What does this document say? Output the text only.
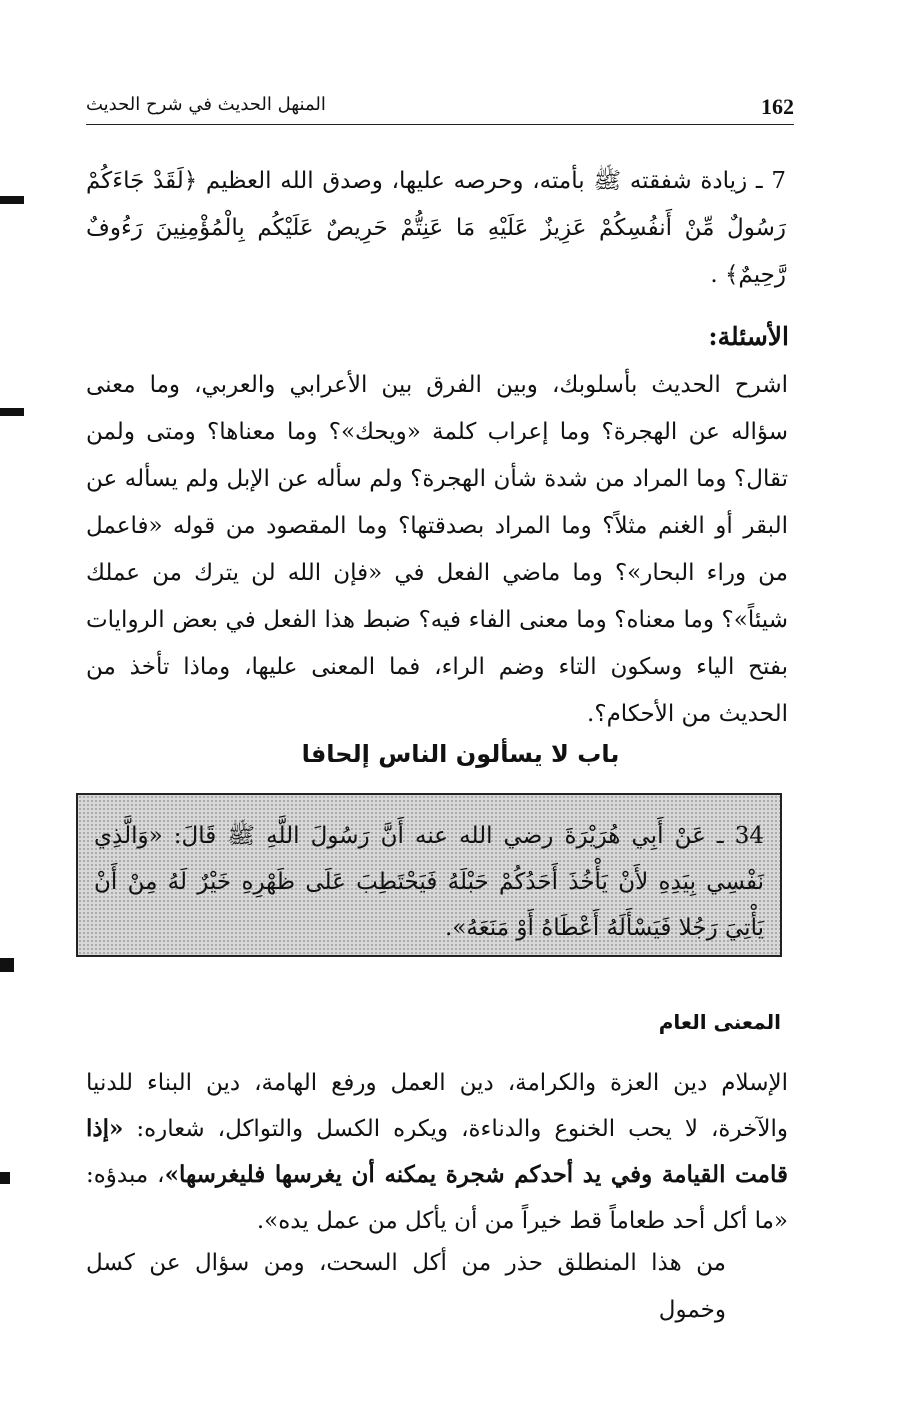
162
المنهل الحديث في شرح الحديث
7 ـ زيادة شفقته ﷺ بأمته، وحرصه عليها، وصدق الله العظيم ﴿لَقَدْ جَاءَكُمْ رَسُولٌ مِّنْ أَنفُسِكُمْ عَزِيزٌ عَلَيْهِ مَا عَنِتُّمْ حَرِيصٌ عَلَيْكُم بِالْمُؤْمِنِينَ رَءُوفٌ رَّحِيمٌ﴾ .
الأسئلة:
اشرح الحديث بأسلوبك، وبين الفرق بين الأعرابي والعربي، وما معنى سؤاله عن الهجرة؟ وما إعراب كلمة «ويحك»؟ وما معناها؟ ومتى ولمن تقال؟ وما المراد من شدة شأن الهجرة؟ ولم سأله عن الإبل ولم يسأله عن البقر أو الغنم مثلاً؟ وما المراد بصدقتها؟ وما المقصود من قوله «فاعمل من وراء البحار»؟ وما ماضي الفعل في «فإن الله لن يترك من عملك شيئاً»؟ وما معناه؟ وما معنى الفاء فيه؟ ضبط هذا الفعل في بعض الروايات بفتح الياء وسكون التاء وضم الراء، فما المعنى عليها، وماذا تأخذ من الحديث من الأحكام؟.
باب لا يسألون الناس إلحافا
34 ـ عَنْ أَبِي هُرَيْرَةَ رضي الله عنه أَنَّ رَسُولَ اللَّهِ ﷺ قَالَ: «وَالَّذِي نَفْسِي بِيَدِهِ لأَنْ يَأْخُذَ أَحَدُكُمْ حَبْلَهُ فَيَحْتَطِبَ عَلَى ظَهْرِهِ خَيْرٌ لَهُ مِنْ أَنْ يَأْتِيَ رَجُلا فَيَسْأَلَهُ أَعْطَاهُ أَوْ مَنَعَهُ».
المعنى العام
الإسلام دين العزة والكرامة، دين العمل ورفع الهامة، دين البناء للدنيا والآخرة، لا يحب الخنوع والدناءة، ويكره الكسل والتواكل، شعاره: «إذا قامت القيامة وفي يد أحدكم شجرة يمكنه أن يغرسها فليغرسها»، مبدؤه: «ما أكل أحد طعاماً قط خيراً من أن يأكل من عمل يده».
من هذا المنطلق حذر من أكل السحت، ومن سؤال عن كسل وخمول
